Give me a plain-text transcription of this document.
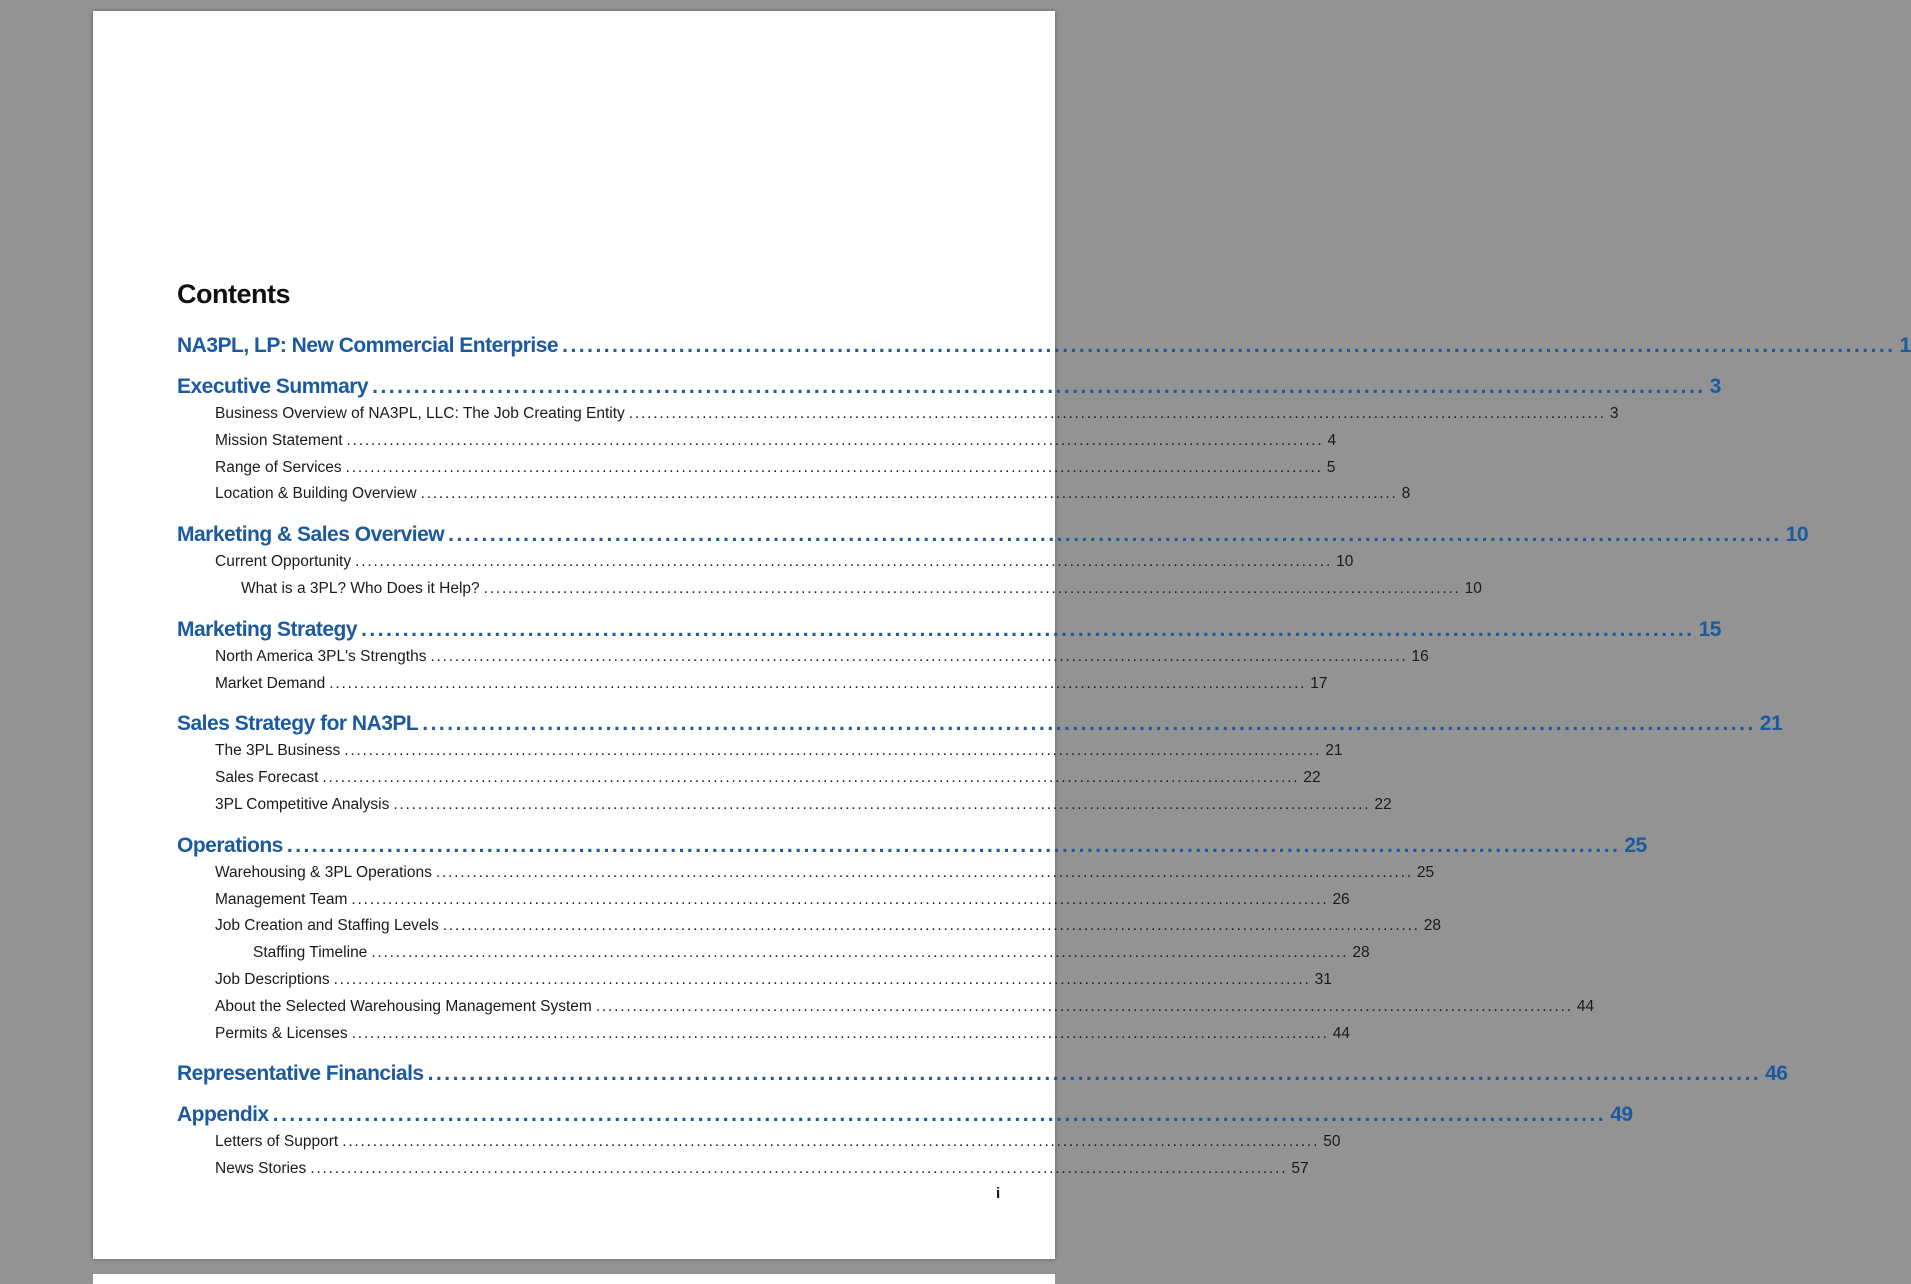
Contents
NA3PL, LP: New Commercial Enterprise ................................................................................................................................................................ 1
Executive Summary ................................................................................................................................................................ 3
Business Overview of NA3PL, LLC: The Job Creating Entity ................................................................................................................................................................ 3
Mission Statement ................................................................................................................................................................ 4
Range of Services ................................................................................................................................................................ 5
Location & Building Overview ................................................................................................................................................................ 8
Marketing & Sales Overview ................................................................................................................................................................ 10
Current Opportunity ................................................................................................................................................................ 10
What is a 3PL? Who Does it Help? ................................................................................................................................................................ 10
Marketing Strategy ................................................................................................................................................................ 15
North America 3PL's Strengths ................................................................................................................................................................ 16
Market Demand ................................................................................................................................................................ 17
Sales Strategy for NA3PL ................................................................................................................................................................ 21
The 3PL Business ................................................................................................................................................................ 21
Sales Forecast ................................................................................................................................................................ 22
3PL Competitive Analysis ................................................................................................................................................................ 22
Operations ................................................................................................................................................................ 25
Warehousing & 3PL Operations ................................................................................................................................................................ 25
Management Team ................................................................................................................................................................ 26
Job Creation and Staffing Levels ................................................................................................................................................................ 28
Staffing Timeline ................................................................................................................................................................ 28
Job Descriptions ................................................................................................................................................................ 31
About the Selected Warehousing Management System ................................................................................................................................................................ 44
Permits & Licenses ................................................................................................................................................................ 44
Representative Financials ................................................................................................................................................................ 46
Appendix ................................................................................................................................................................ 49
Letters of Support ................................................................................................................................................................ 50
News Stories ................................................................................................................................................................ 57
i
